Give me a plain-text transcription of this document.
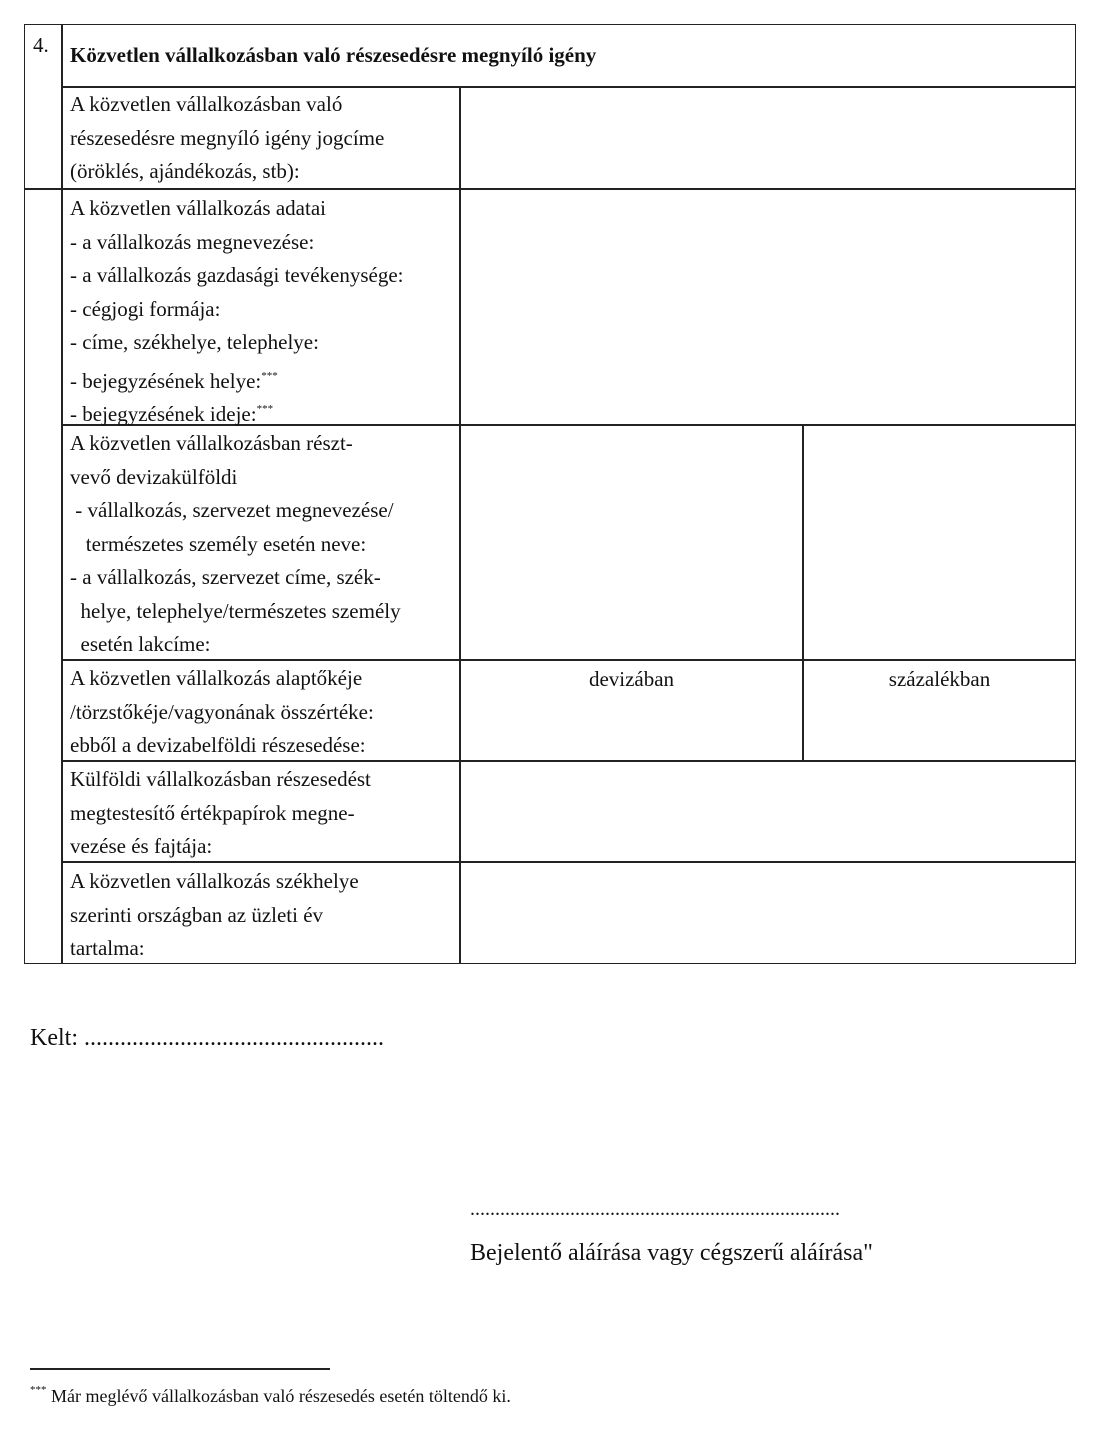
4. Közvetlen vállalkozásban való részesedésre megnyíló igény
A közvetlen vállalkozásban való
részesedésre megnyíló igény jogcíme
(öröklés, ajándékozás, stb):
A közvetlen vállalkozás adatai
- a vállalkozás megnevezése:
- a vállalkozás gazdasági tevékenysége:
- cégjogi formája:
- címe, székhelye, telephelye:
- bejegyzésének helye:***
- bejegyzésének ideje:***
A közvetlen vállalkozásban részt-
vevő devizakülföldi
- vállalkozás, szervezet megnevezése/
természetes személy esetén neve:
- a vállalkozás, szervezet címe, szék-
helye, telephelye/természetes személy
esetén lakcíme:
A közvetlen vállalkozás alaptőkéje
/törzstőkéje/vagyonának összértéke:
ebből a devizabelföldi részesedése:
devizában	százalékban
Külföldi vállalkozásban részesedést
megtestesítő értékpapírok megne-
vezése és fajtája:
A közvetlen vállalkozás székhelye
szerinti országban az üzleti év
tartalma:
Kelt: ..................................................
..........................................................................
Bejelentő aláírása vagy cégszerű aláírása"
*** Már meglévő vállalkozásban való részesedés esetén töltendő ki.
